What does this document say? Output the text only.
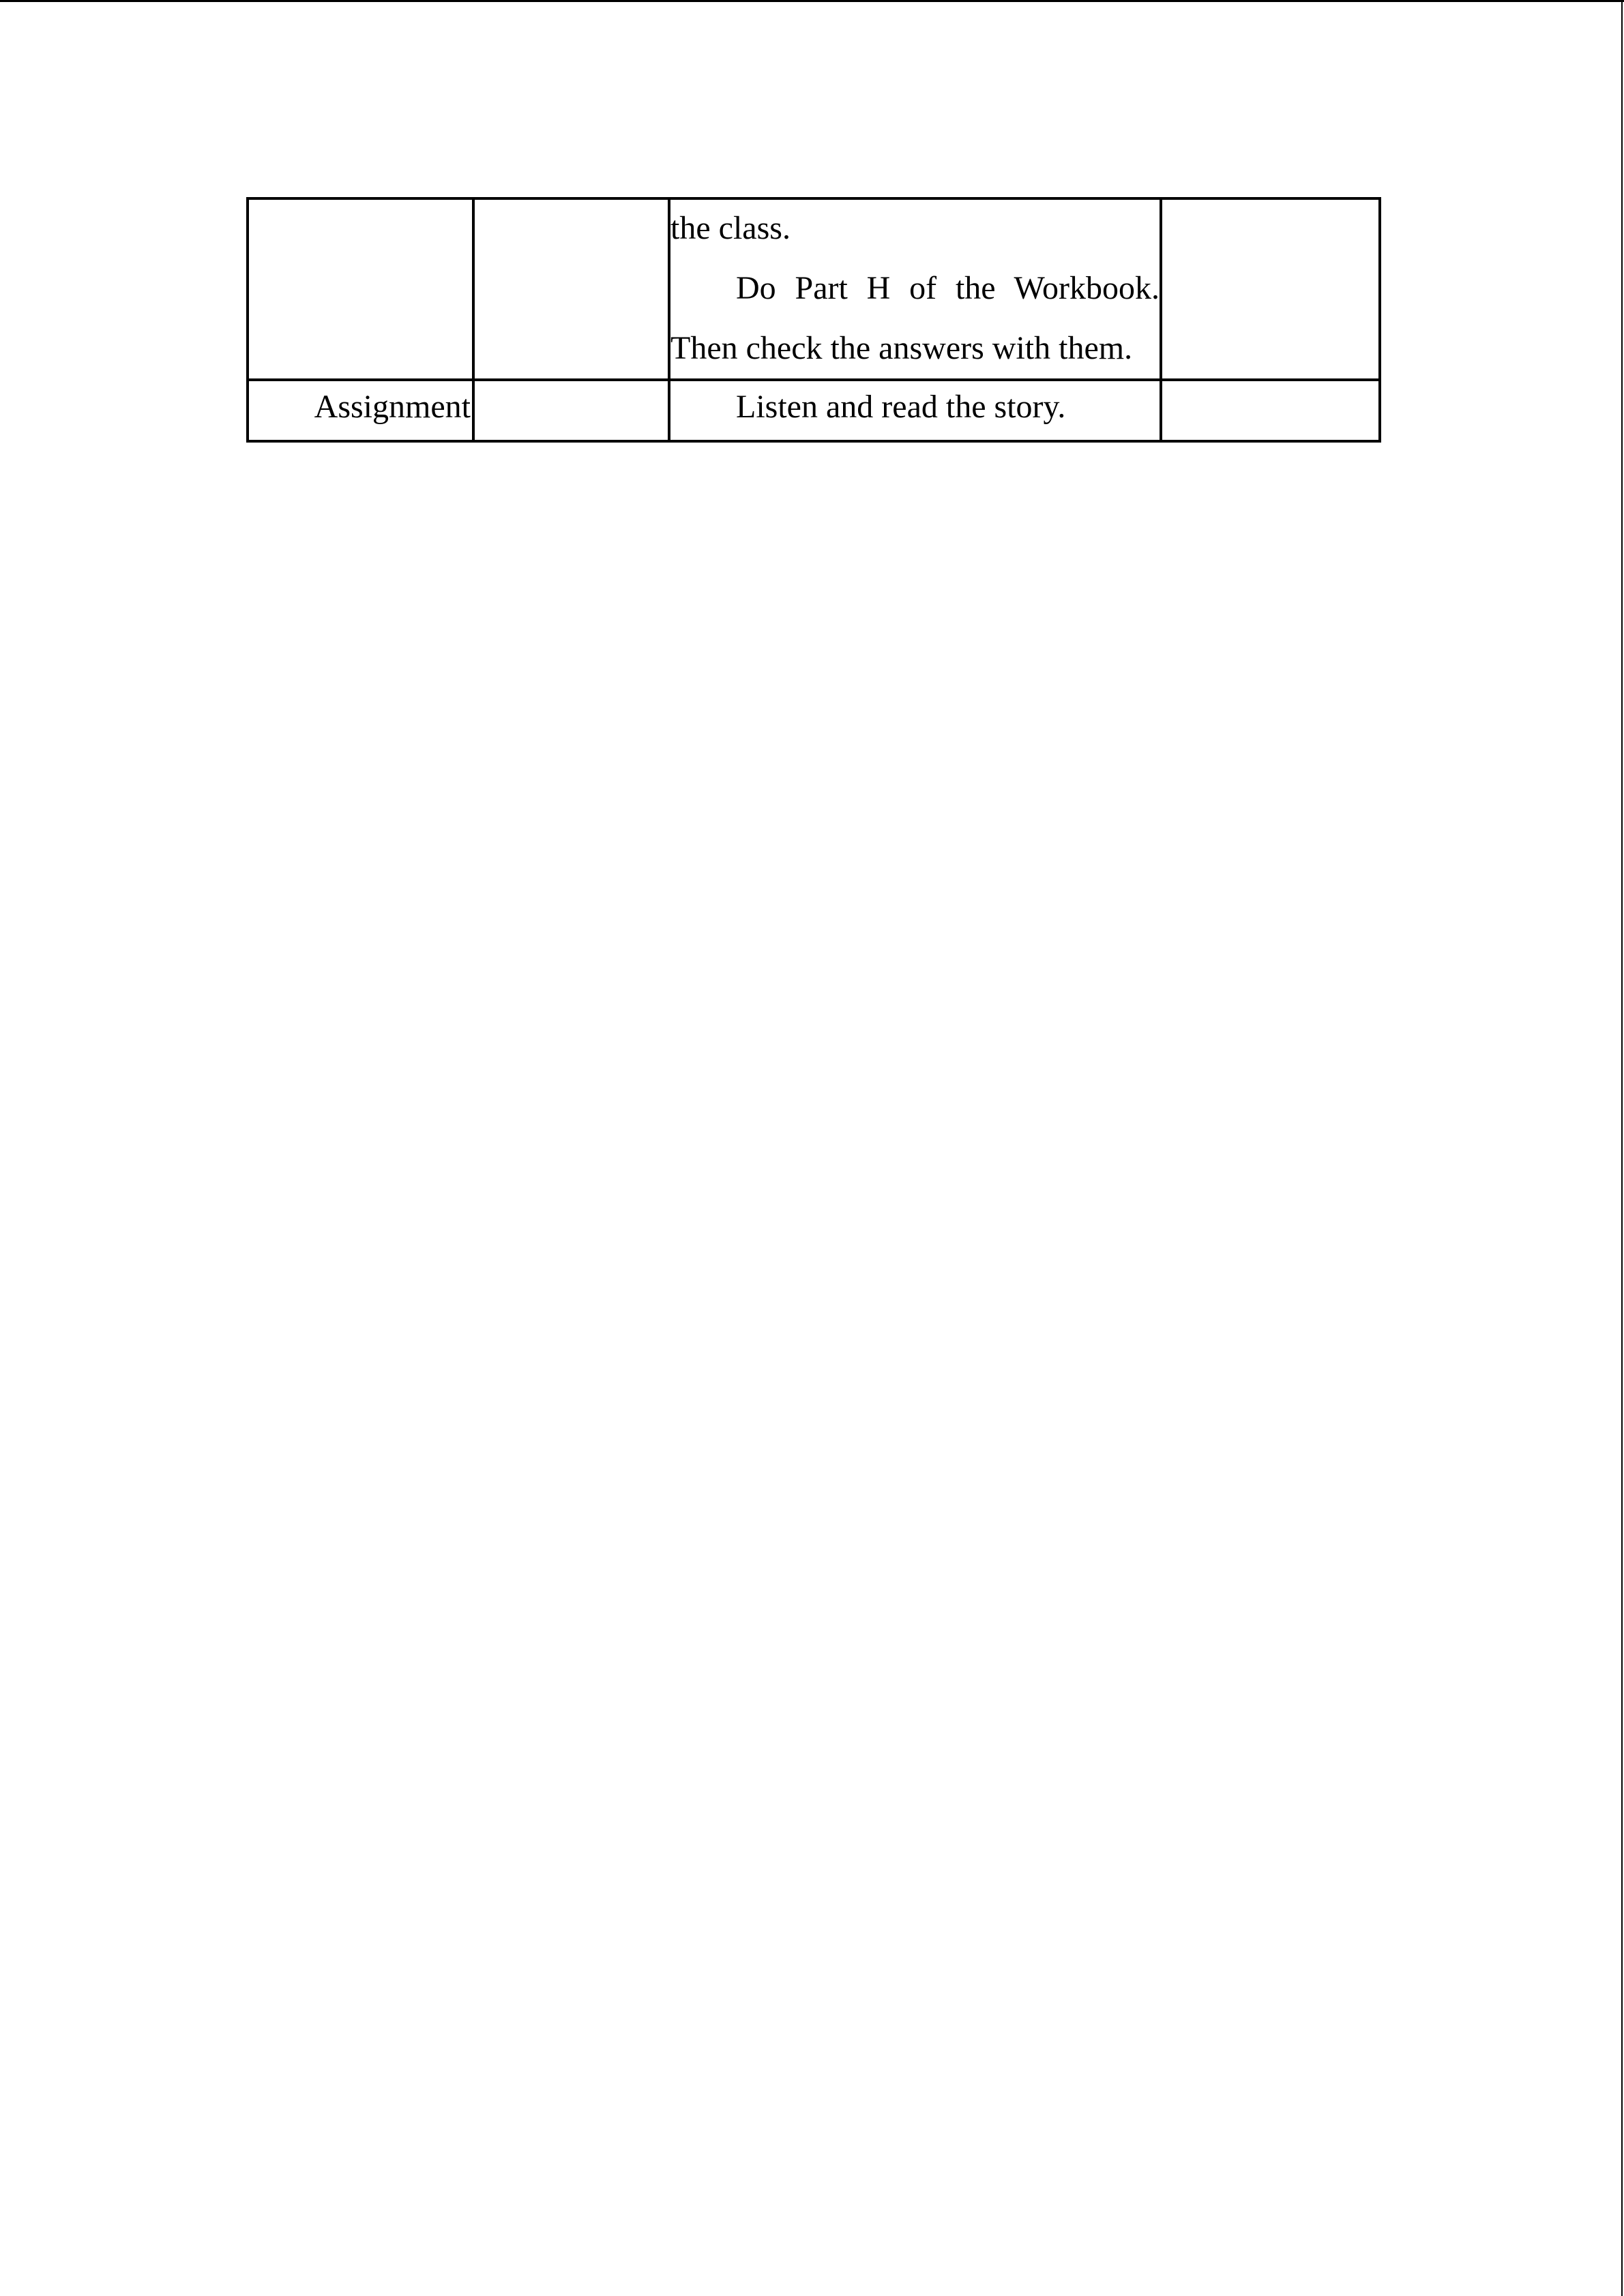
		the class.

Do Part H of the Workbook.

Then check the answers with them.	

Assignment		Listen and read the story.	
